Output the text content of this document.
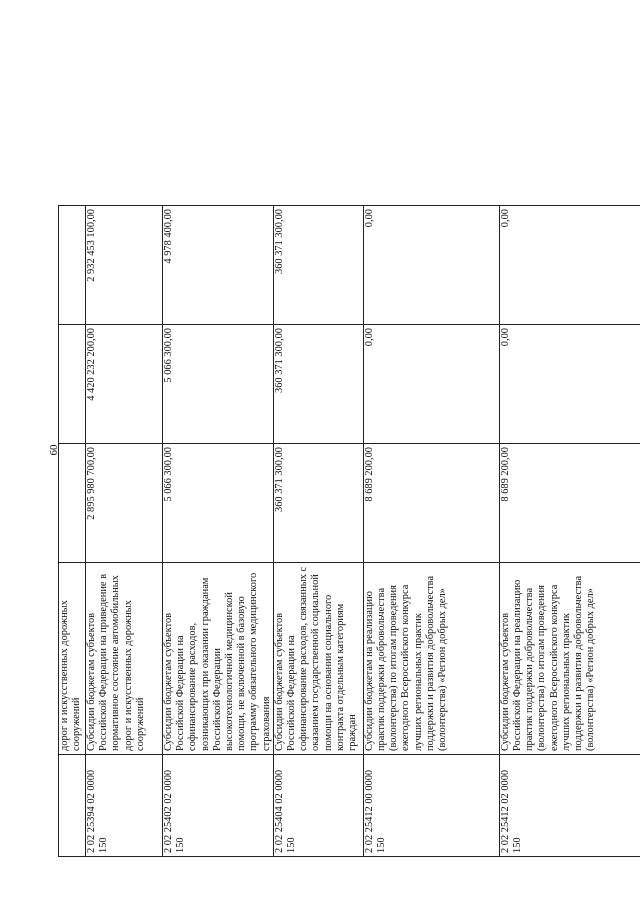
60

	дорог и искусственных дорожных сооружений			

2 02 25394 02 0000 150	Субсидии бюджетам субъектов Российской Федерации на приведение в нормативное состояние автомобильных дорог и искусственных дорожных сооружений	2 895 980 700,00	4 420 232 200,00	2 932 453 100,00
2 02 25402 02 0000 150	Субсидии бюджетам субъектов Российской Федерации на софинансирование расходов, возникающих при оказании гражданам Российской Федерации высокотехнологичной медицинской помощи, не включенной в базовую программу обязательного медицинского страхования	5 066 300,00	5 066 300,00	4 978 400,00
2 02 25404 02 0000 150	Субсидии бюджетам субъектов Российской Федерации на софинансирование расходов, связанных с оказанием государственной социальной помощи на основании социального контракта отдельным категориям граждан	360 371 300,00	360 371 300,00	360 371 300,00
2 02 25412 00 0000 150	Субсидии бюджетам на реализацию практик поддержки добровольчества (волонтерства) по итогам проведения ежегодного Всероссийского конкурса лучших региональных практик поддержки и развития добровольчества (волонтерства) «Регион добрых дел»	8 689 200,00	0,00	0,00
2 02 25412 02 0000 150	Субсидии бюджетам субъектов Российской Федерации на реализацию практик поддержки добровольчества (волонтерства) по итогам проведения ежегодного Всероссийского конкурса лучших региональных практик поддержки и развития добровольчества (волонтерства) «Регион добрых дел»	8 689 200,00	0,00	0,00
